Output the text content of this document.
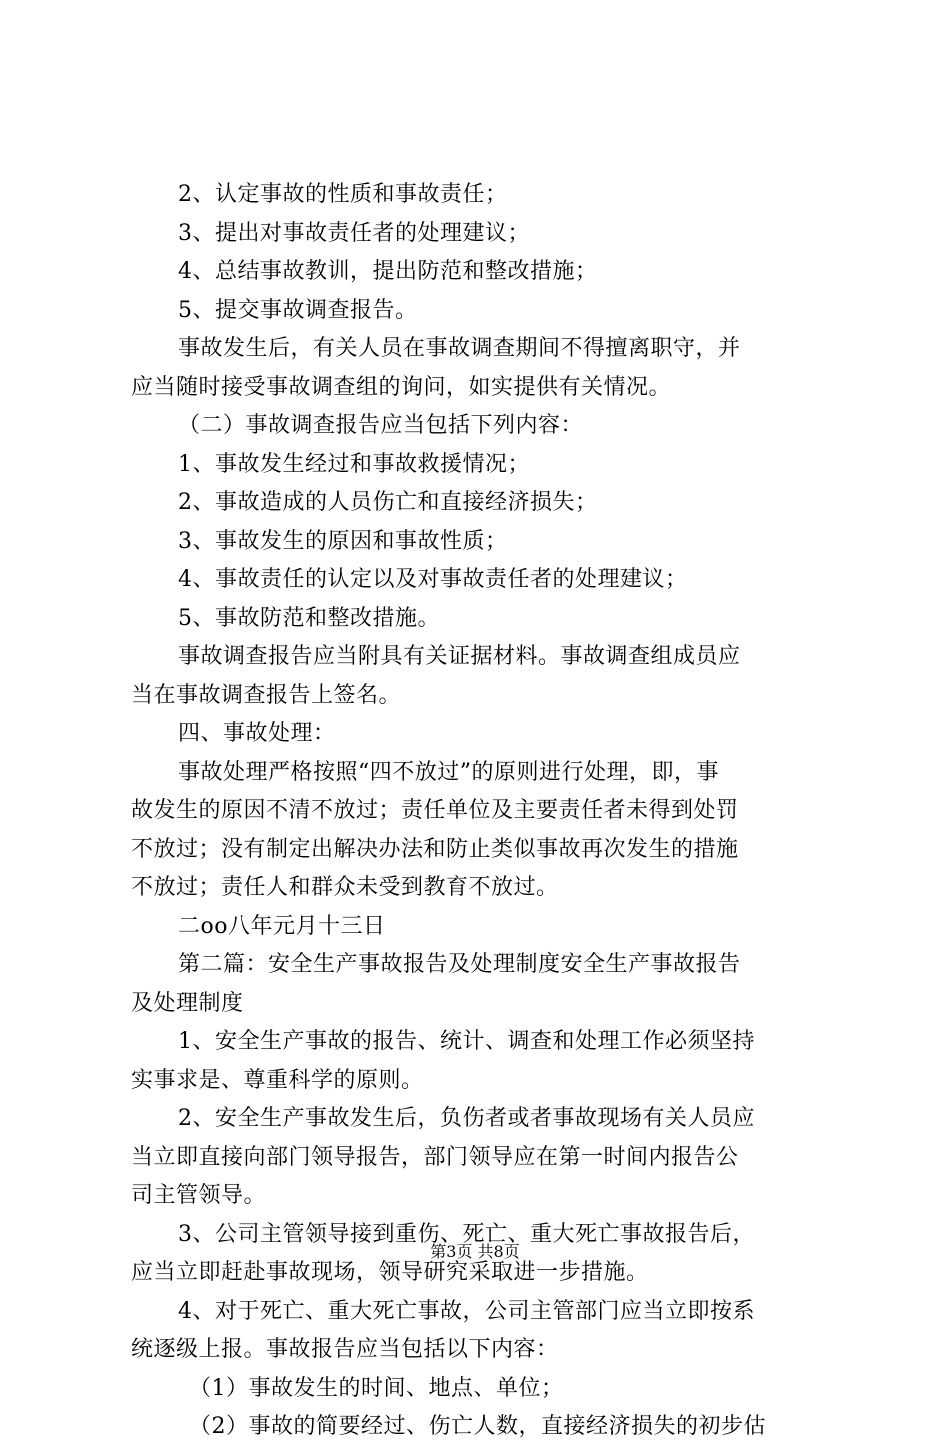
2、认定事故的性质和事故责任；
3、提出对事故责任者的处理建议；
4、总结事故教训，提出防范和整改措施；
5、提交事故调查报告。
事故发生后，有关人员在事故调查期间不得擅离职守，并
应当随时接受事故调查组的询问，如实提供有关情况。
（二）事故调查报告应当包括下列内容：
1、事故发生经过和事故救援情况；
2、事故造成的人员伤亡和直接经济损失；
3、事故发生的原因和事故性质；
4、事故责任的认定以及对事故责任者的处理建议；
5、事故防范和整改措施。
事故调查报告应当附具有关证据材料。事故调查组成员应
当在事故调查报告上签名。
四、事故处理：
事故处理严格按照“四不放过”的原则进行处理，即，事
故发生的原因不清不放过；责任单位及主要责任者未得到处罚
不放过；没有制定出解决办法和防止类似事故再次发生的措施
不放过；责任人和群众未受到教育不放过。
二oo八年元月十三日
第二篇：安全生产事故报告及处理制度安全生产事故报告
及处理制度
1、安全生产事故的报告、统计、调查和处理工作必须坚持
实事求是、尊重科学的原则。
2、安全生产事故发生后，负伤者或者事故现场有关人员应
当立即直接向部门领导报告，部门领导应在第一时间内报告公
司主管领导。
3、公司主管领导接到重伤、死亡、重大死亡事故报告后，
应当立即赶赴事故现场，领导研究采取进一步措施。
4、对于死亡、重大死亡事故，公司主管部门应当立即按系
统逐级上报。事故报告应当包括以下内容：
（1）事故发生的时间、地点、单位；
（2）事故的简要经过、伤亡人数，直接经济损失的初步估
第3页 共8页
